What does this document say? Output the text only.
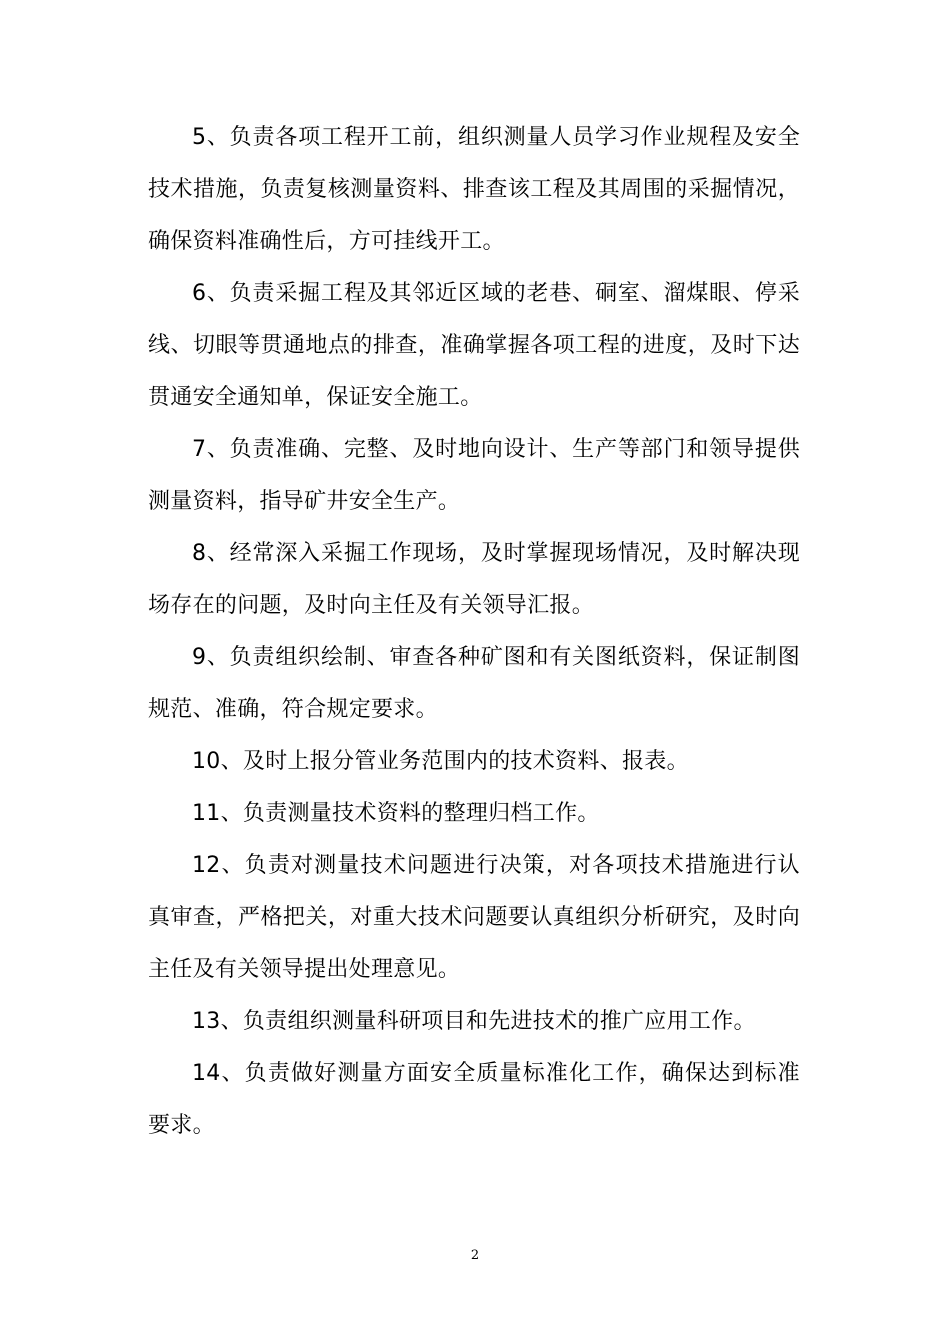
5、负责各项工程开工前，组织测量人员学习作业规程及安全技术措施，负责复核测量资料、排查该工程及其周围的采掘情况，确保资料准确性后，方可挂线开工。

6、负责采掘工程及其邻近区域的老巷、硐室、溜煤眼、停采线、切眼等贯通地点的排查，准确掌握各项工程的进度，及时下达贯通安全通知单，保证安全施工。

7、负责准确、完整、及时地向设计、生产等部门和领导提供测量资料，指导矿井安全生产。

8、经常深入采掘工作现场，及时掌握现场情况，及时解决现场存在的问题，及时向主任及有关领导汇报。

9、负责组织绘制、审查各种矿图和有关图纸资料，保证制图规范、准确，符合规定要求。

10、及时上报分管业务范围内的技术资料、报表。

11、负责测量技术资料的整理归档工作。

12、负责对测量技术问题进行决策，对各项技术措施进行认真审查，严格把关，对重大技术问题要认真组织分析研究，及时向主任及有关领导提出处理意见。

13、负责组织测量科研项目和先进技术的推广应用工作。

14、负责做好测量方面安全质量标准化工作，确保达到标准要求。

2
